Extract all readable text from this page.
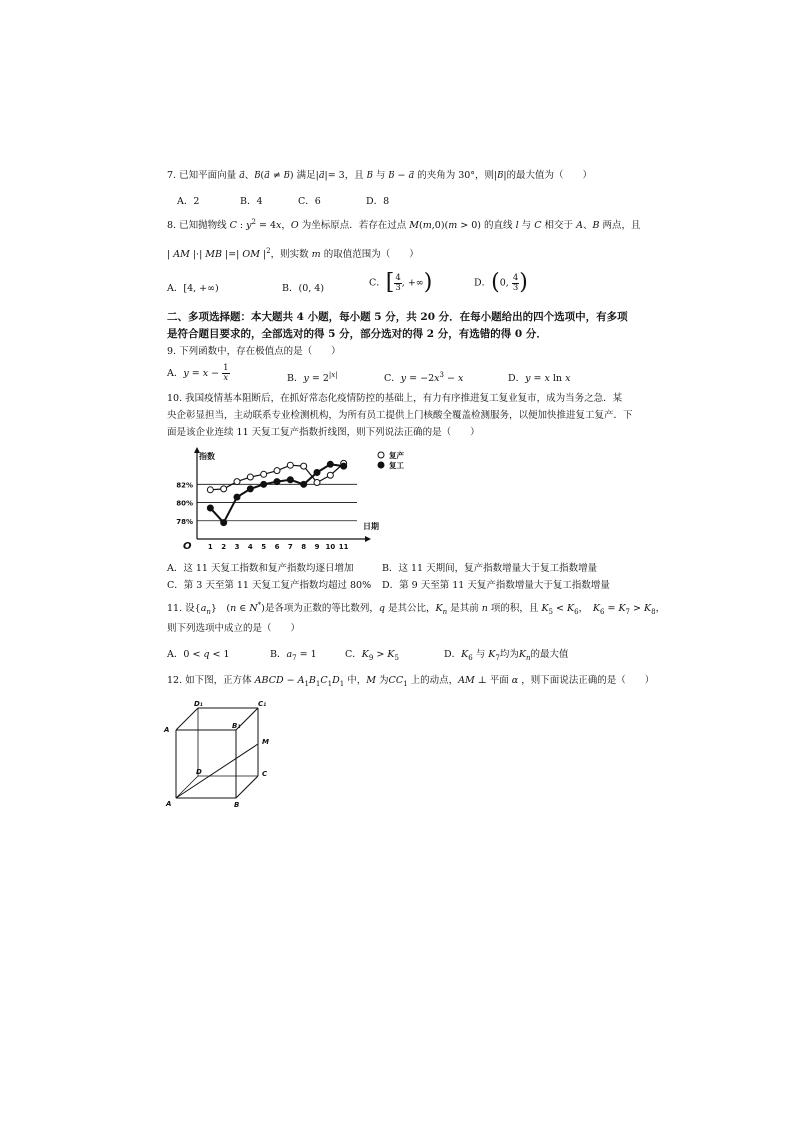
7. 已知平面向量 a⃗、b⃗(a⃗ ≠ b⃗) 满足|a|= 3，且 b⃗ 与 b⃗ − a⃗ 的夹角为 30°，则|b|的最大值为（　　）
A．2	B．4	C．6	D．8
8. 已知抛物线 C : $y^2 = 4x$，O 为坐标原点．若存在过点 M(m,0)(m > 0) 的直线 l 与 C 相交于 A、B 两点，且
| AM |·| MB |=| OM $|^2$，则实数 m 的取值范围为（　　）
A．[4, +∞)	B．(0, 4)	C．[ $\frac{4}{3}$ , +∞)	D．(0, $\frac{4}{3}$ )
二、多项选择题：本大题共 4 小题，每小题 5 分，共 20 分．在每小题给出的四个选项中，有多项
是符合题目要求的，全部选对的得 5 分，部分选对的得 2 分，有选错的得 0 分．
9. 下列函数中，存在极值点的是（　　）
A．$y = x - \frac{1}{x}$	B．$y = 2^{|x|}$	C．$y = -2x^3 - x$	D．y = x ln x
10. 我国疫情基本阻断后，在抓好常态化疫情防控的基础上，有力有序推进复工复业复市，成为当务之急．某
央企彰显担当，主动联系专业检测机构，为所有员工提供上门核酸全覆盖检测服务，以便加快推进复工复产．下
面是该企业连续 11 天复工复产指数折线图，则下列说法正确的是（　　）
78%
80%
82%
指数
日期
O 1 2 3 4 5 6 7 8 9 10 11
复产
复工
A．这 11 天复工指数和复产指数均逐日增加	B．这 11 天期间，复产指数增量大于复工指数增量
C．第 3 天至第 11 天复工复产指数均超过 80% D．第 9 天至第 11 天复产指数增量大于复工指数增量
11. 设$\{a_n\}$　(n ∈ N*)是各项为正数的等比数列，q 是其公比，$K_n$ 是其前 n 项的积，且 $K_5 < K_6$，　$K_6 = K_7 > K_8$，
则下列选项中成立的是（　　）
A．0 < q < 1	B．$a_7 = 1$	C．$K_9 > K_5$	D．$K_6$ 与 $K_7$均为$K_n$的最大值
12. 如下图，正方体 ABCD − $A_1B_1C_1D_1$ 中，M 为$CC_1$ 上的动点，AM ⊥ 平面 α ，则下面说法正确的是（　　）
D₁	C₁
A	B₁
M
D	C
A	B
